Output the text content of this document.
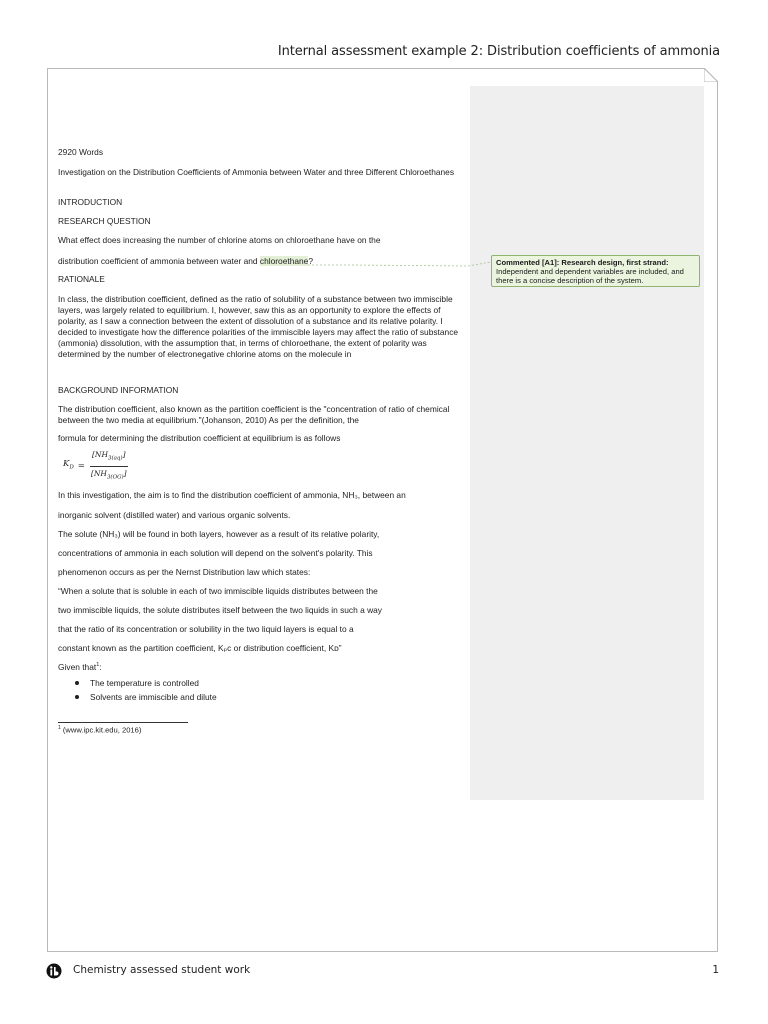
Internal assessment example 2: Distribution coefficients of ammonia
Commented [A1]: Research design, first strand:
Independent and dependent variables are included, and there is a concise description of the system.

2920 Words

Investigation on the Distribution Coefficients of Ammonia between Water and three Different Chloroethanes

INTRODUCTION

RESEARCH QUESTION

What effect does increasing the number of chlorine atoms on chloroethane have on the

distribution coefficient of ammonia between water and chloroethane?

RATIONALE

In class, the distribution coefficient, defined as the ratio of solubility of a substance between two immiscible layers, was largely related to equilibrium. I, however, saw this as an opportunity to explore the effects of polarity, as I saw a connection between the extent of dissolution of a substance and its relative polarity. I decided to investigate how the difference polarities of the immiscible layers may affect the ratio of substance (ammonia) dissolution, with the assumption that, in terms of chloroethane, the extent of polarity was determined by the number of electronegative chlorine atoms on the molecule in

BACKGROUND INFORMATION

The distribution coefficient, also known as the partition coefficient is the "concentration of ratio of chemical between the two media at equilibrium."(Johanson, 2010) As per the definition, the

formula for determining the distribution coefficient at equilibrium is as follows

$K_D = \frac{[NH_{3(aq)}]}{[NH_{3(OG)}]}$

In this investigation, the aim is to find the distribution coefficient of ammonia, NH₃, between an

inorganic solvent (distilled water) and various organic solvents.

The solute (NH₃) will be found in both layers, however as a result of its relative polarity,

concentrations of ammonia in each solution will depend on the solvent's polarity. This

phenomenon occurs as per the Nernst Distribution law which states:

“When a solute that is soluble in each of two immiscible liquids distributes between the

two immiscible liquids, the solute distributes itself between the two liquids in such a way

that the ratio of its concentration or solubility in the two liquid layers is equal to a

constant known as the partition coefficient, Kₚᴄ or distribution coefficient, Kᴅ”

Given that$^1$:

The temperature is controlled
Solvents are immiscible and dilute
$^1$ (www.ipc.kit.edu, 2016)
Chemistry assessed student work	1
